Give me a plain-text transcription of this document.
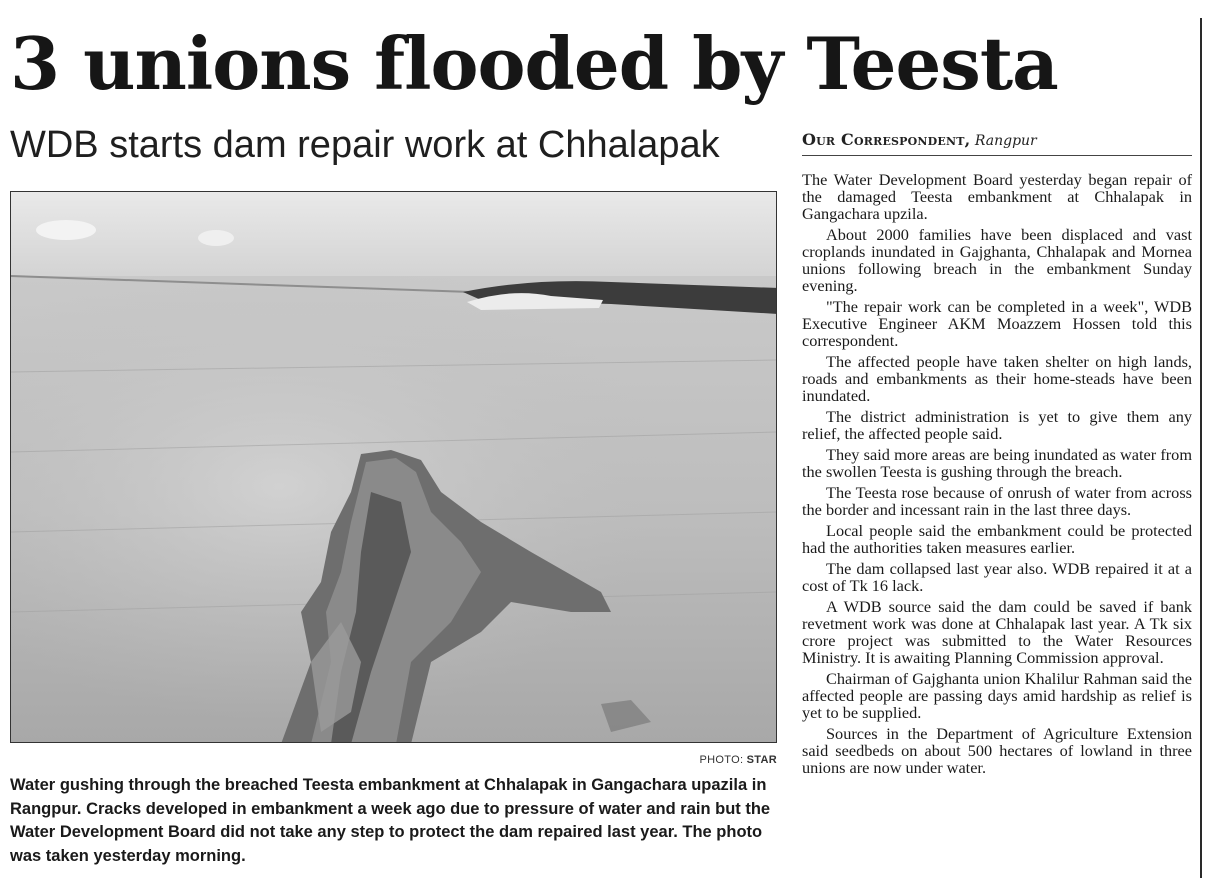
3 unions flooded by Teesta
WDB starts dam repair work at Chhalapak
PHOTO: STAR
Water gushing through the breached Teesta embankment at Chhalapak in Gangachara upazila in Rangpur. Cracks developed in embankment a week ago due to pressure of water and rain but the Water Development Board did not take any step to protect the dam repaired last year. The photo was taken yesterday morning.
Our Correspondent, Rangpur

The Water Development Board yesterday began repair of the damaged Teesta embankment at Chhalapak in Gangachara upzila.

About 2000 families have been displaced and vast croplands inundated in Gajghanta, Chhalapak and Mornea unions following breach in the embankment Sunday evening.

"The repair work can be completed in a week", WDB Executive Engineer AKM Moazzem Hossen told this correspondent.

The affected people have taken shelter on high lands, roads and embankments as their home-steads have been inundated.

The district administration is yet to give them any relief, the affected people said.

They said more areas are being inundated as water from the swollen Teesta is gushing through the breach.

The Teesta rose because of onrush of water from across the border and incessant rain in the last three days.

Local people said the embankment could be protected had the authorities taken measures earlier.

The dam collapsed last year also. WDB repaired it at a cost of Tk 16 lack.

A WDB source said the dam could be saved if bank revetment work was done at Chhalapak last year. A Tk six crore project was submitted to the Water Resources Ministry. It is awaiting Planning Commission approval.

Chairman of Gajghanta union Khalilur Rahman said the affected people are passing days amid hardship as relief is yet to be supplied.

Sources in the Department of Agriculture Extension said seedbeds on about 500 hectares of lowland in three unions are now under water.
